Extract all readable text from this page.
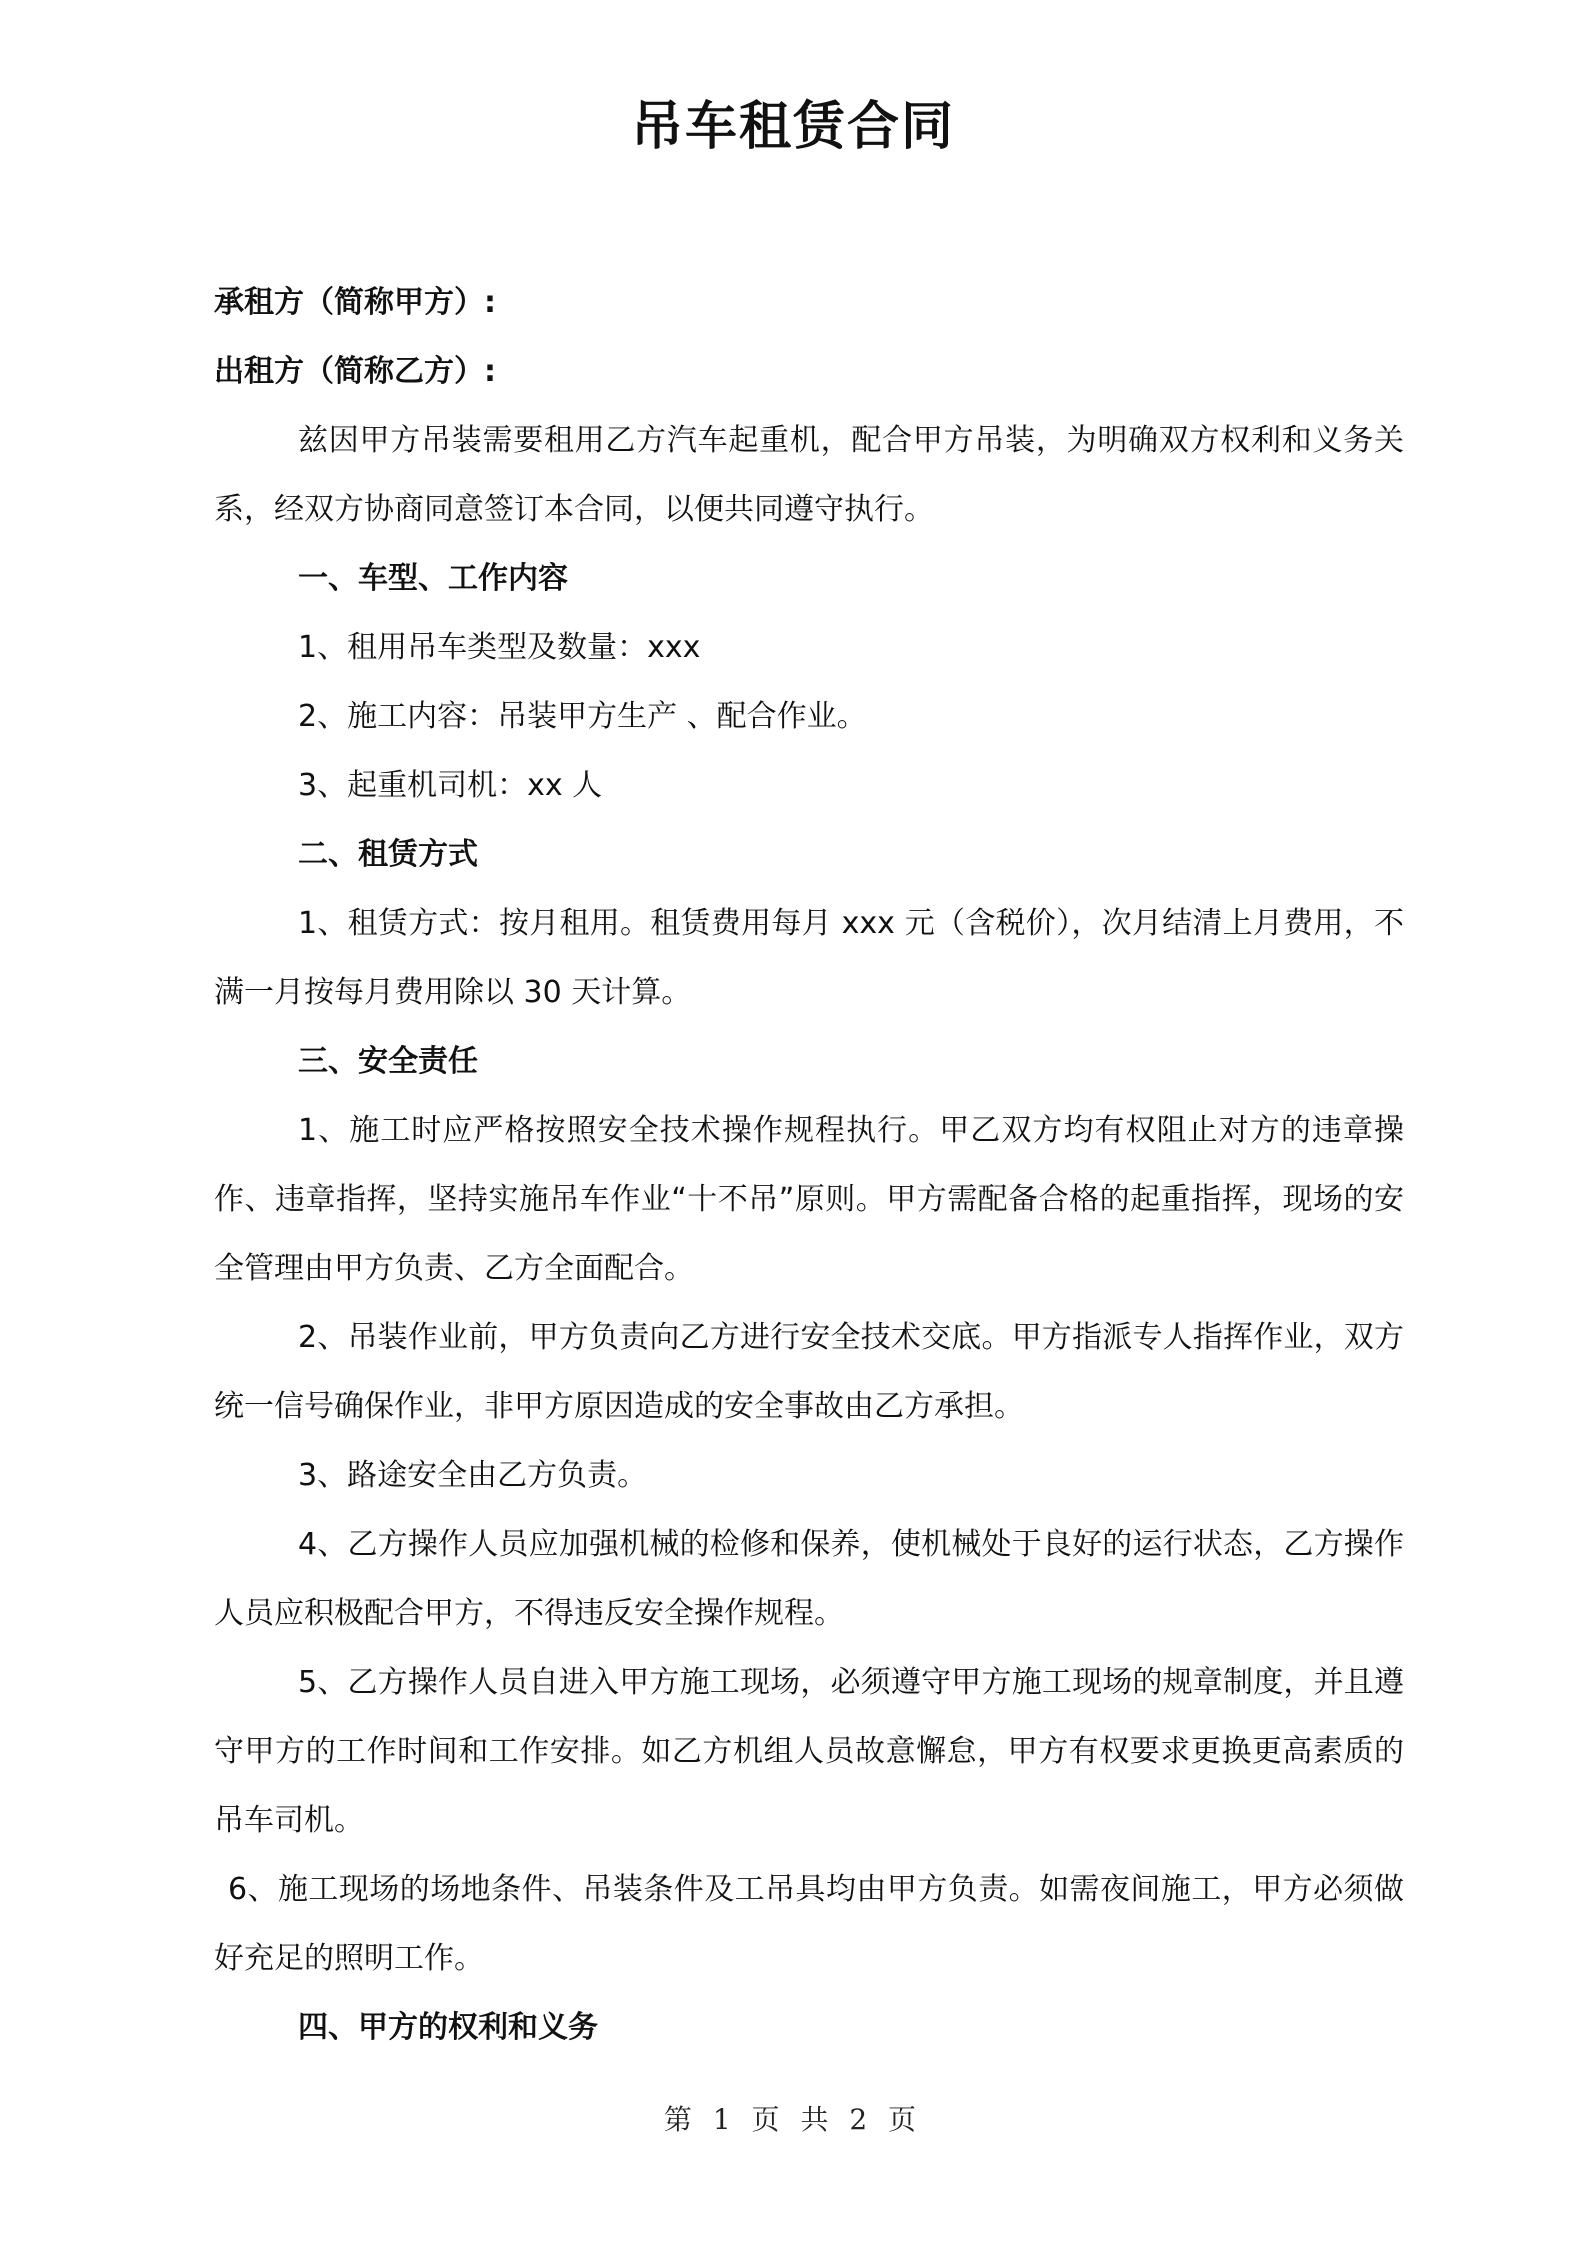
吊车租赁合同

承租方（简称甲方）:

出租方（简称乙方）:

兹因甲方吊装需要租用乙方汽车起重机，配合甲方吊装，为明确双方权利和义务关系，经双方协商同意签订本合同，以便共同遵守执行。

一、车型、工作内容

1、租用吊车类型及数量：xxx

2、施工内容：吊装甲方生产 、配合作业。

3、起重机司机：xx 人

二、租赁方式

1、租赁方式：按月租用。租赁费用每月 xxx 元（含税价），次月结清上月费用，不满一月按每月费用除以 30 天计算。

三、安全责任

1、施工时应严格按照安全技术操作规程执行。甲乙双方均有权阻止对方的违章操作、违章指挥，坚持实施吊车作业“十不吊”原则。甲方需配备合格的起重指挥，现场的安全管理由甲方负责、乙方全面配合。

2、吊装作业前，甲方负责向乙方进行安全技术交底。甲方指派专人指挥作业，双方统一信号确保作业，非甲方原因造成的安全事故由乙方承担。

3、路途安全由乙方负责。

4、乙方操作人员应加强机械的检修和保养，使机械处于良好的运行状态，乙方操作人员应积极配合甲方，不得违反安全操作规程。

5、乙方操作人员自进入甲方施工现场，必须遵守甲方施工现场的规章制度，并且遵守甲方的工作时间和工作安排。如乙方机组人员故意懈怠，甲方有权要求更换更高素质的吊车司机。

6、施工现场的场地条件、吊装条件及工吊具均由甲方负责。如需夜间施工，甲方必须做好充足的照明工作。

四、甲方的权利和义务

第 1 页 共 2 页
